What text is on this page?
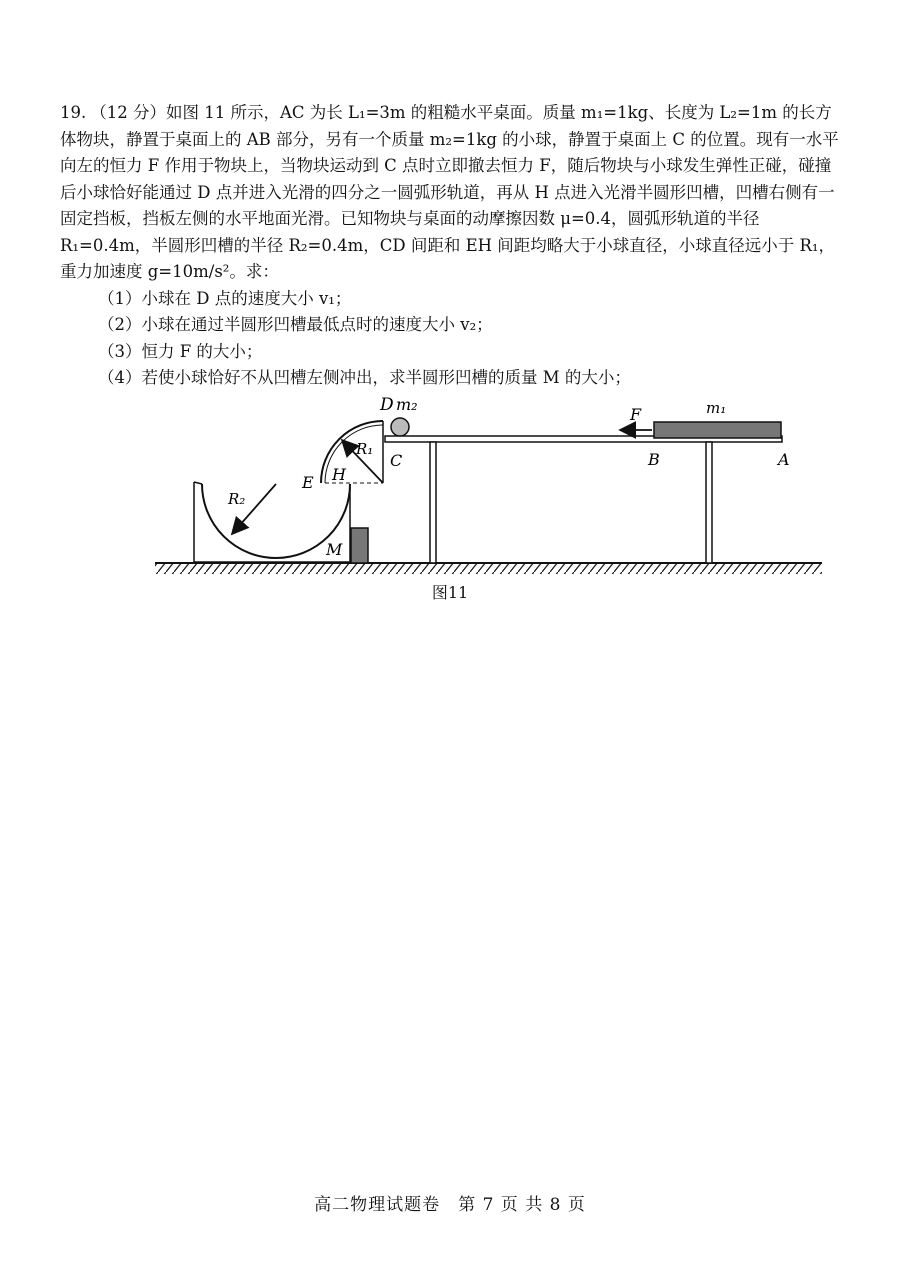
19. （12 分）如图 11 所示，AC 为长 L₁=3m 的粗糙水平桌面。质量 m₁=1kg、长度为 L₂=1m 的长方体物块，静置于桌面上的 AB 部分，另有一个质量 m₂=1kg 的小球，静置于桌面上 C 的位置。现有一水平向左的恒力 F 作用于物块上，当物块运动到 C 点时立即撤去恒力 F，随后物块与小球发生弹性正碰，碰撞后小球恰好能通过 D 点并进入光滑的四分之一圆弧形轨道，再从 H 点进入光滑半圆形凹槽，凹槽右侧有一固定挡板，挡板左侧的水平地面光滑。已知物块与桌面的动摩擦因数 μ=0.4，圆弧形轨道的半径 R₁=0.4m，半圆形凹槽的半径 R₂=0.4m，CD 间距和 EH 间距均略大于小球直径，小球直径远小于 R₁，重力加速度 g=10m/s²。求：

（1）小球在 D 点的速度大小 v₁；

（2）小球在通过半圆形凹槽最低点时的速度大小 v₂；

（3）恒力 F 的大小；

（4）若使小球恰好不从凹槽左侧冲出，求半圆形凹槽的质量 M 的大小；

D m₂
F	m₁
R₁
C	B	A
E H
R₂
M
图11
高二物理试题卷　第 7 页 共 8 页
